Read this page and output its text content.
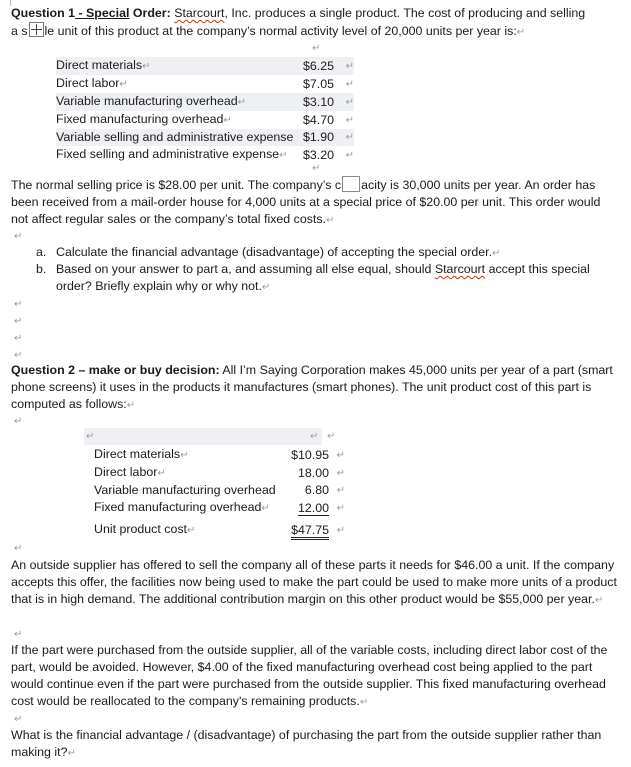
Question 1 - Special Order: Starcourt, Inc. produces a single product. The cost of producing and selling

a s le unit of this product at the company’s normal activity level of 20,000 units per year is:↵

↵
Direct materials↵	$6.25	↵
Direct labor↵	$7.05	↵
Variable manufacturing overhead↵	$3.10	↵
Fixed manufacturing overhead↵	$4.70	↵
Variable selling and administrative expense	$1.90	↵
Fixed selling and administrative expense↵	$3.20	↵
↵

The normal selling price is $28.00 per unit. The company’s c acity is 30,000 units per year. An order has been received from a mail-order house for 4,000 units at a special price of $20.00 per unit. This order would not affect regular sales or the company’s total fixed costs.↵

↵
a. Calculate the financial advantage (disadvantage) of accepting the special order.↵
b. Based on your answer to part a, and assuming all else equal, should Starcourt accept this special order? Briefly explain why or why not.↵
↵
↵
↵
↵

Question 2 – make or buy decision: All I’m Saying Corporation makes 45,000 units per year of a part (smart phone screens) it uses in the products it manufactures (smart phones). The unit product cost of this part is computed as follows:↵

↵
↵	↵ ↵
Direct materials↵	$10.95	↵
Direct labor↵	18.00	↵
Variable manufacturing overhead	6.80	↵
Fixed manufacturing overhead↵	12.00	↵
Unit product cost↵	$47.75	↵
↵

An outside supplier has offered to sell the company all of these parts it needs for $46.00 a unit. If the company accepts this offer, the facilities now being used to make the part could be used to make more units of a product that is in high demand. The additional contribution margin on this other product would be $55,000 per year.↵

↵

If the part were purchased from the outside supplier, all of the variable costs, including direct labor cost of the part, would be avoided. However, $4.00 of the fixed manufacturing overhead cost being applied to the part would continue even if the part were purchased from the outside supplier. This fixed manufacturing overhead cost would be reallocated to the company's remaining products.↵

↵

What is the financial advantage / (disadvantage) of purchasing the part from the outside supplier rather than making it?↵
